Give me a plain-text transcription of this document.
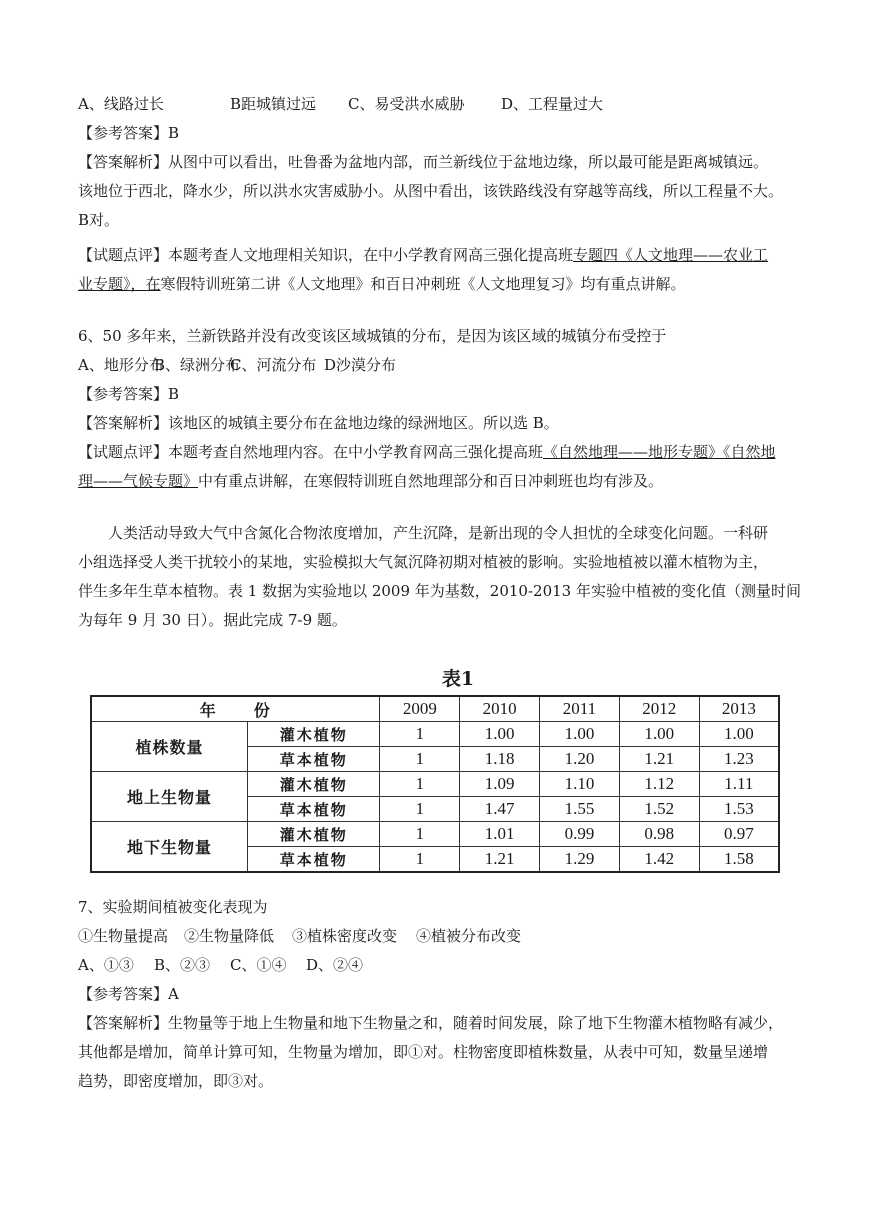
A、线路过长	B距城镇过远 C、易受洪水威胁 D、工程量过大
【参考答案】B
【答案解析】从图中可以看出，吐鲁番为盆地内部，而兰新线位于盆地边缘，所以最可能是距离城镇远。
该地位于西北，降水少，所以洪水灾害威胁小。从图中看出，该铁路线没有穿越等高线，所以工程量不大。
B对。
【试题点评】本题考查人文地理相关知识，在中小学教育网高三强化提高班专题四《人文地理——农业工
业专题》，在寒假特训班第二讲《人文地理》和百日冲刺班《人文地理复习》均有重点讲解。
6、50 多年来，兰新铁路并没有改变该区域城镇的分布，是因为该区域的城镇分布受控于
A、地形分布B、绿洲分布C、河流分布 D沙漠分布
【参考答案】B
【答案解析】该地区的城镇主要分布在盆地边缘的绿洲地区。所以选 B。
【试题点评】本题考查自然地理内容。在中小学教育网高三强化提高班《自然地理——地形专题》《自然地
理——气候专题》中有重点讲解，在寒假特训班自然地理部分和百日冲刺班也均有涉及。
人类活动导致大气中含氮化合物浓度增加，产生沉降，是新出现的令人担忧的全球变化问题。一科研
小组选择受人类干扰较小的某地，实验模拟大气氮沉降初期对植被的影响。实验地植被以灌木植物为主，
伴生多年生草本植物。表 1 数据为实验地以 2009 年为基数，2010-2013 年实验中植被的变化值（测量时间
为每年 9 月 30 日）。据此完成 7-9 题。
表1
年　　份		2009	2010	2011	2012	2013
植株数量	灌木植物	1	1.00	1.00	1.00	1.00
	草本植物	1	1.18	1.20	1.21	1.23
地上生物量	灌木植物	1	1.09	1.10	1.12	1.11
	草本植物	1	1.47	1.55	1.52	1.53
地下生物量	灌木植物	1	1.01	0.99	0.98	0.97
	草本植物	1	1.21	1.29	1.42	1.58
7、实验期间植被变化表现为
①生物量提高 ②生物量降低 ③植株密度改变 ④植被分布改变
A、①③ B、②③ C、①④ D、②④
【参考答案】A
【答案解析】生物量等于地上生物量和地下生物量之和，随着时间发展，除了地下生物灌木植物略有减少，
其他都是增加，简单计算可知，生物量为增加，即①对。柱物密度即植株数量，从表中可知，数量呈递增
趋势，即密度增加，即③对。
